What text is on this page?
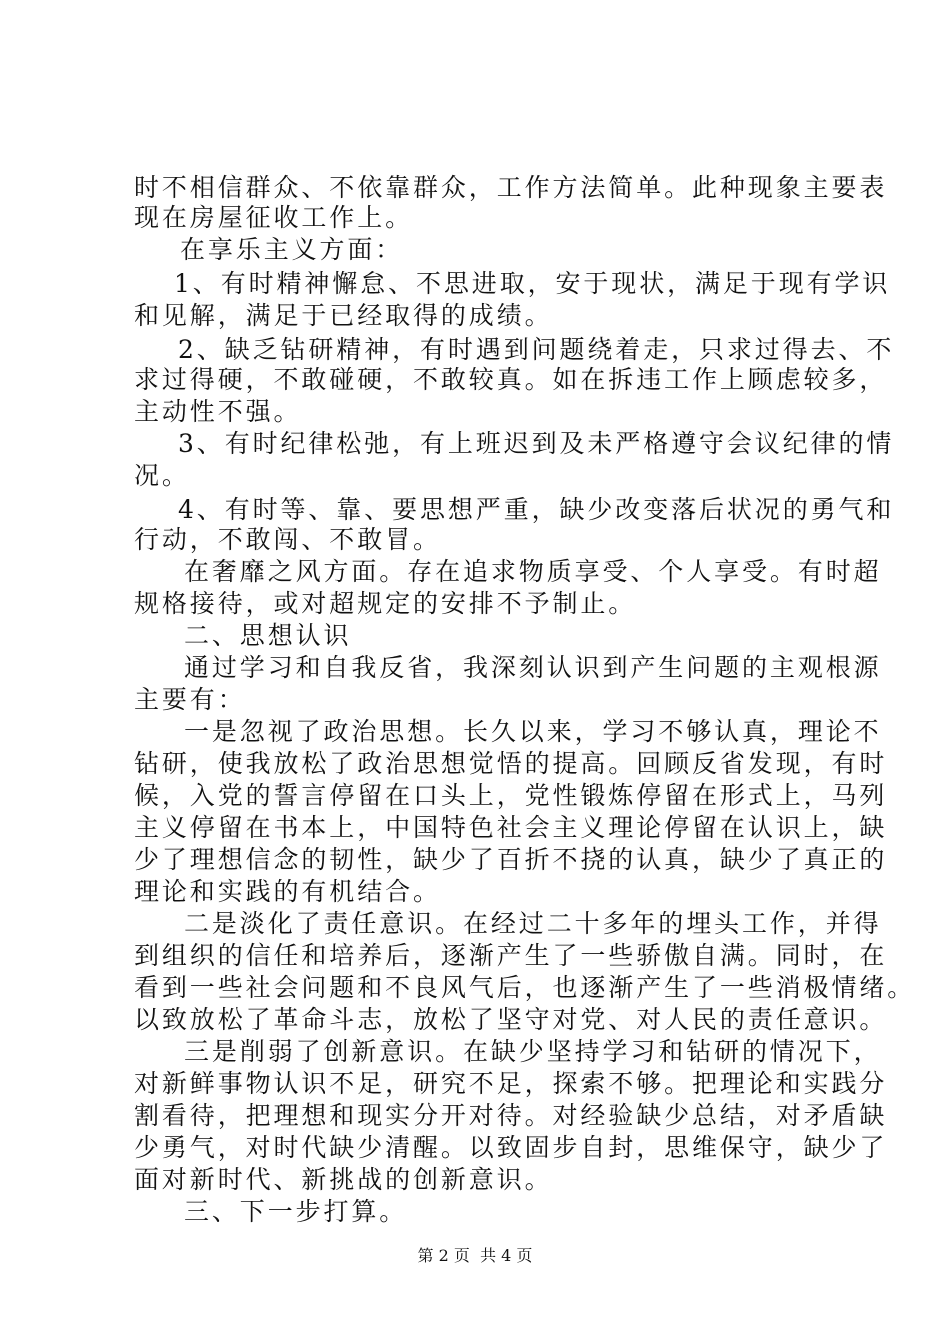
时不相信群众、不依靠群众，工作方法简单。此种现象主要表
现在房屋征收工作上。
在享乐主义方面：
1、有时精神懈怠、不思进取，安于现状，满足于现有学识
和见解，满足于已经取得的成绩。
2、缺乏钻研精神，有时遇到问题绕着走，只求过得去、不
求过得硬，不敢碰硬，不敢较真。如在拆违工作上顾虑较多，
主动性不强。
3、有时纪律松弛，有上班迟到及未严格遵守会议纪律的情
况。
4、有时等、靠、要思想严重，缺少改变落后状况的勇气和
行动，不敢闯、不敢冒。
在奢靡之风方面。存在追求物质享受、个人享受。有时超
规格接待，或对超规定的安排不予制止。
二、思想认识
通过学习和自我反省，我深刻认识到产生问题的主观根源
主要有：
一是忽视了政治思想。长久以来，学习不够认真，理论不
钻研，使我放松了政治思想觉悟的提高。回顾反省发现，有时
候，入党的誓言停留在口头上，党性锻炼停留在形式上，马列
主义停留在书本上，中国特色社会主义理论停留在认识上，缺
少了理想信念的韧性，缺少了百折不挠的认真，缺少了真正的
理论和实践的有机结合。
二是淡化了责任意识。在经过二十多年的埋头工作，并得
到组织的信任和培养后，逐渐产生了一些骄傲自满。同时，在
看到一些社会问题和不良风气后，也逐渐产生了一些消极情绪。
以致放松了革命斗志，放松了坚守对党、对人民的责任意识。
三是削弱了创新意识。在缺少坚持学习和钻研的情况下，
对新鲜事物认识不足，研究不足，探索不够。把理论和实践分
割看待，把理想和现实分开对待。对经验缺少总结，对矛盾缺
少勇气，对时代缺少清醒。以致固步自封，思维保守，缺少了
面对新时代、新挑战的创新意识。
三、下一步打算。
第 2 页  共 4 页
